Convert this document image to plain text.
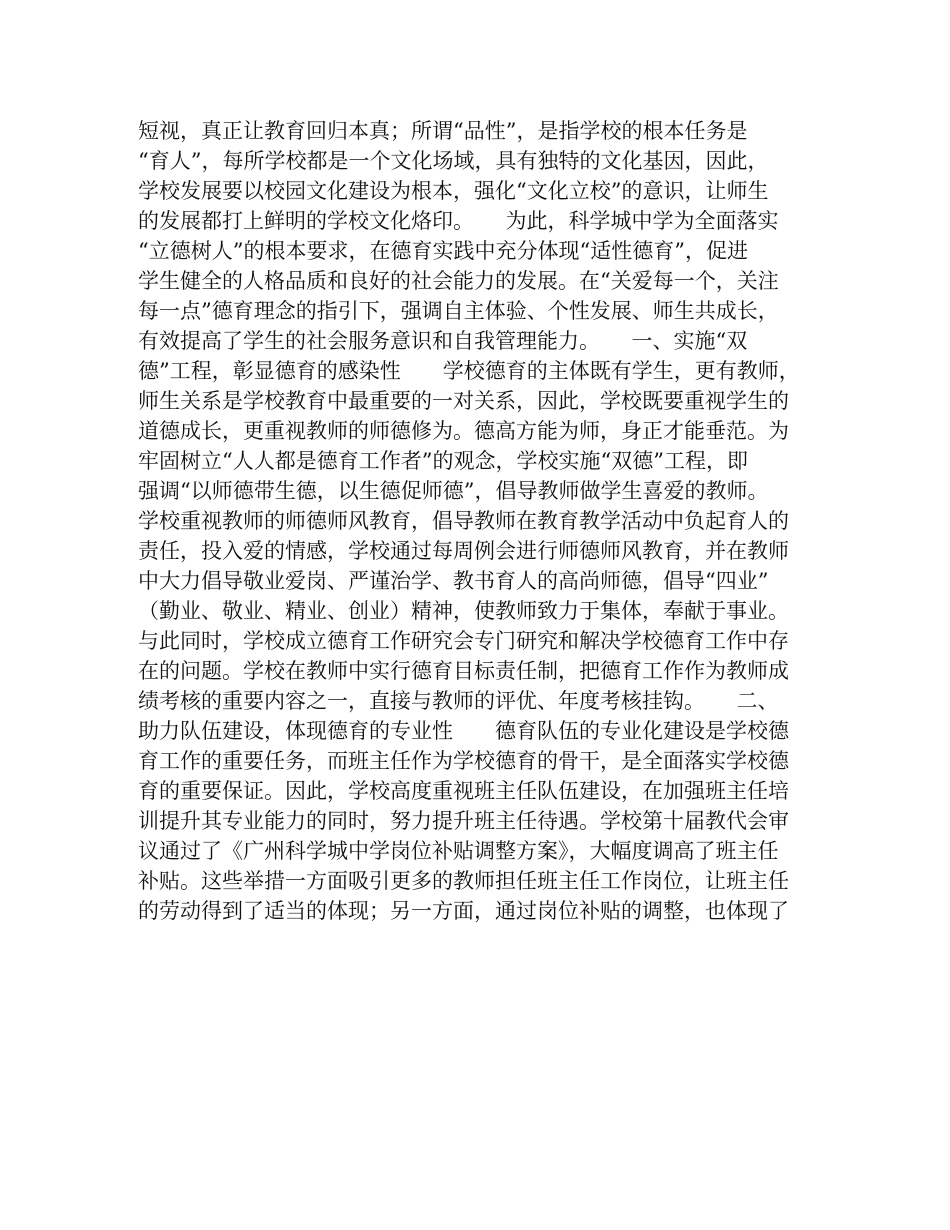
短视，真正让教育回归本真；所谓“品性”，是指学校的根本任务是
“育人”，每所学校都是一个文化场域，具有独特的文化基因，因此，
学校发展要以校园文化建设为根本，强化“文化立校”的意识，让师生
的发展都打上鲜明的学校文化烙印。　　为此，科学城中学为全面落实
“立德树人”的根本要求，在德育实践中充分体现“适性德育”，促进
学生健全的人格品质和良好的社会能力的发展。在“关爱每一个，关注
每一点”德育理念的指引下，强调自主体验、个性发展、师生共成长，
有效提高了学生的社会服务意识和自我管理能力。　　一、实施“双
德”工程，彰显德育的感染性　　学校德育的主体既有学生，更有教师，
师生关系是学校教育中最重要的一对关系，因此，学校既要重视学生的
道德成长，更重视教师的师德修为。德高方能为师，身正才能垂范。为
牢固树立“人人都是德育工作者”的观念，学校实施“双德”工程，即
强调“以师德带生德，以生德促师德”，倡导教师做学生喜爱的教师。
学校重视教师的师德师风教育，倡导教师在教育教学活动中负起育人的
责任，投入爱的情感，学校通过每周例会进行师德师风教育，并在教师
中大力倡导敬业爱岗、严谨治学、教书育人的高尚师德，倡导“四业”
（勤业、敬业、精业、创业）精神，使教师致力于集体，奉献于事业。
与此同时，学校成立德育工作研究会专门研究和解决学校德育工作中存
在的问题。学校在教师中实行德育目标责任制，把德育工作作为教师成
绩考核的重要内容之一，直接与教师的评优、年度考核挂钩。　　二、
助力队伍建设，体现德育的专业性　　德育队伍的专业化建设是学校德
育工作的重要任务，而班主任作为学校德育的骨干，是全面落实学校德
育的重要保证。因此，学校高度重视班主任队伍建设，在加强班主任培
训提升其专业能力的同时，努力提升班主任待遇。学校第十届教代会审
议通过了《广州科学城中学岗位补贴调整方案》，大幅度调高了班主任
补贴。这些举措一方面吸引更多的教师担任班主任工作岗位，让班主任
的劳动得到了适当的体现；另一方面，通过岗位补贴的调整，也体现了
